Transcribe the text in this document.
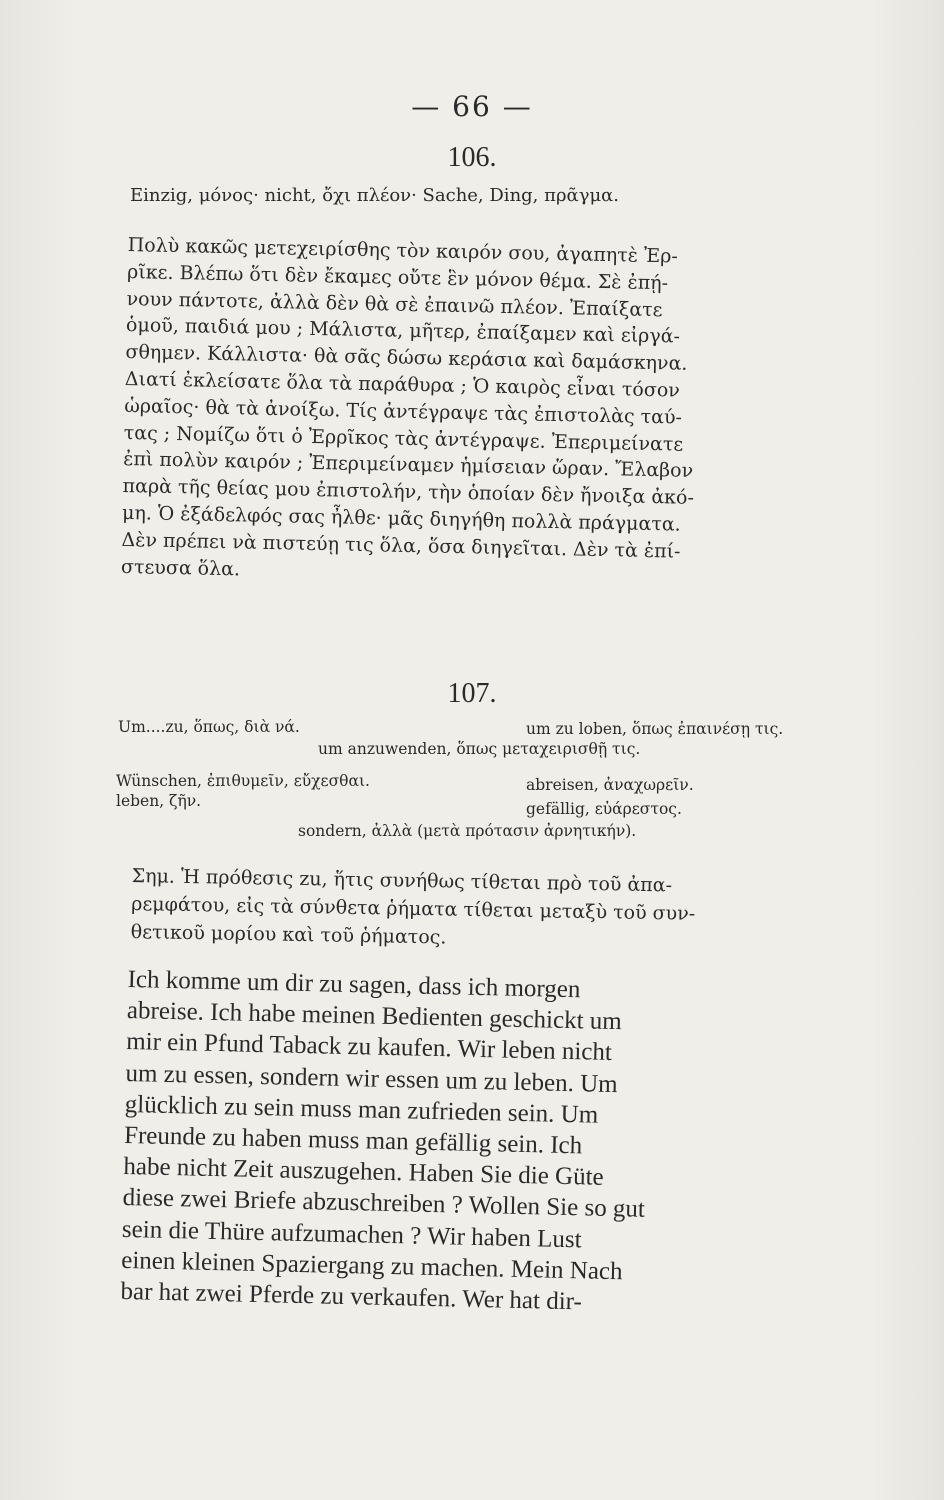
— 66 —
106.
Einzig, μόνος· nicht, ὄχι πλέον· Sache, Ding, πρᾶγμα.
Πολὺ κακῶς μετεχειρίσθης τὸν καιρόν σου, ἀγαπητὲ Ἐρ-
ρῖκε. Βλέπω ὅτι δὲν ἔκαμες οὔτε ἓν μόνον θέμα. Σὲ ἐπῄ-
νουν πάντοτε, ἀλλὰ δὲν θὰ σὲ ἐπαινῶ πλέον. Ἐπαίξατε
ὁμοῦ, παιδιά μου ; Μάλιστα, μῆτερ, ἐπαίξαμεν καὶ εἰργά-
σθημεν. Κάλλιστα· θὰ σᾶς δώσω κεράσια καὶ δαμάσκηνα.
Διατί ἐκλείσατε ὅλα τὰ παράθυρα ; Ὁ καιρὸς εἶναι τόσον
ὡραῖος· θὰ τὰ ἀνοίξω. Τίς ἀντέγραψε τὰς ἐπιστολὰς ταύ-
τας ; Νομίζω ὅτι ὁ Ἐρρῖκος τὰς ἀντέγραψε. Ἐπεριμείνατε
ἐπὶ πολὺν καιρόν ; Ἐπεριμείναμεν ἡμίσειαν ὥραν. Ἔλαβον
παρὰ τῆς θείας μου ἐπιστολήν, τὴν ὁποίαν δὲν ἤνοιξα ἀκό-
μη. Ὁ ἐξάδελφός σας ἦλθε· μᾶς διηγήθη πολλὰ πράγματα.
Δὲν πρέπει νὰ πιστεύῃ τις ὅλα, ὅσα διηγεῖται. Δὲν τὰ ἐπί-
στευσα ὅλα.
107.
Um....zu, ὅπως, διὰ νά.	um zu loben, ὅπως ἐπαινέσῃ τις.
um anzuwenden, ὅπως μεταχειρισθῇ τις.
Wünschen, ἐπιθυμεῖν, εὔχεσθαι.	abreisen, ἀναχωρεῖν.
leben, ζῆν.	gefällig, εὐάρεστος.
sondern, ἀλλὰ (μετὰ πρότασιν ἀρνητικήν).
Σημ. Ἡ πρόθεσις zu, ἥτις συνήθως τίθεται πρὸ τοῦ ἀπα-
ρεμφάτου, εἰς τὰ σύνθετα ῥήματα τίθεται μεταξὺ τοῦ συν-
θετικοῦ μορίου καὶ τοῦ ῥήματος.
Ich komme um dir zu sagen, dass ich morgen
abreise. Ich habe meinen Bedienten geschickt um
mir ein Pfund Taback zu kaufen. Wir leben nicht
um zu essen, sondern wir essen um zu leben. Um
glücklich zu sein muss man zufrieden sein. Um
Freunde zu haben muss man gefällig sein. Ich
habe nicht Zeit auszugehen. Haben Sie die Güte
diese zwei Briefe abzuschreiben ? Wollen Sie so gut
sein die Thüre aufzumachen ? Wir haben Lust
einen kleinen Spaziergang zu machen. Mein Nach
bar hat zwei Pferde zu verkaufen. Wer hat dir-
